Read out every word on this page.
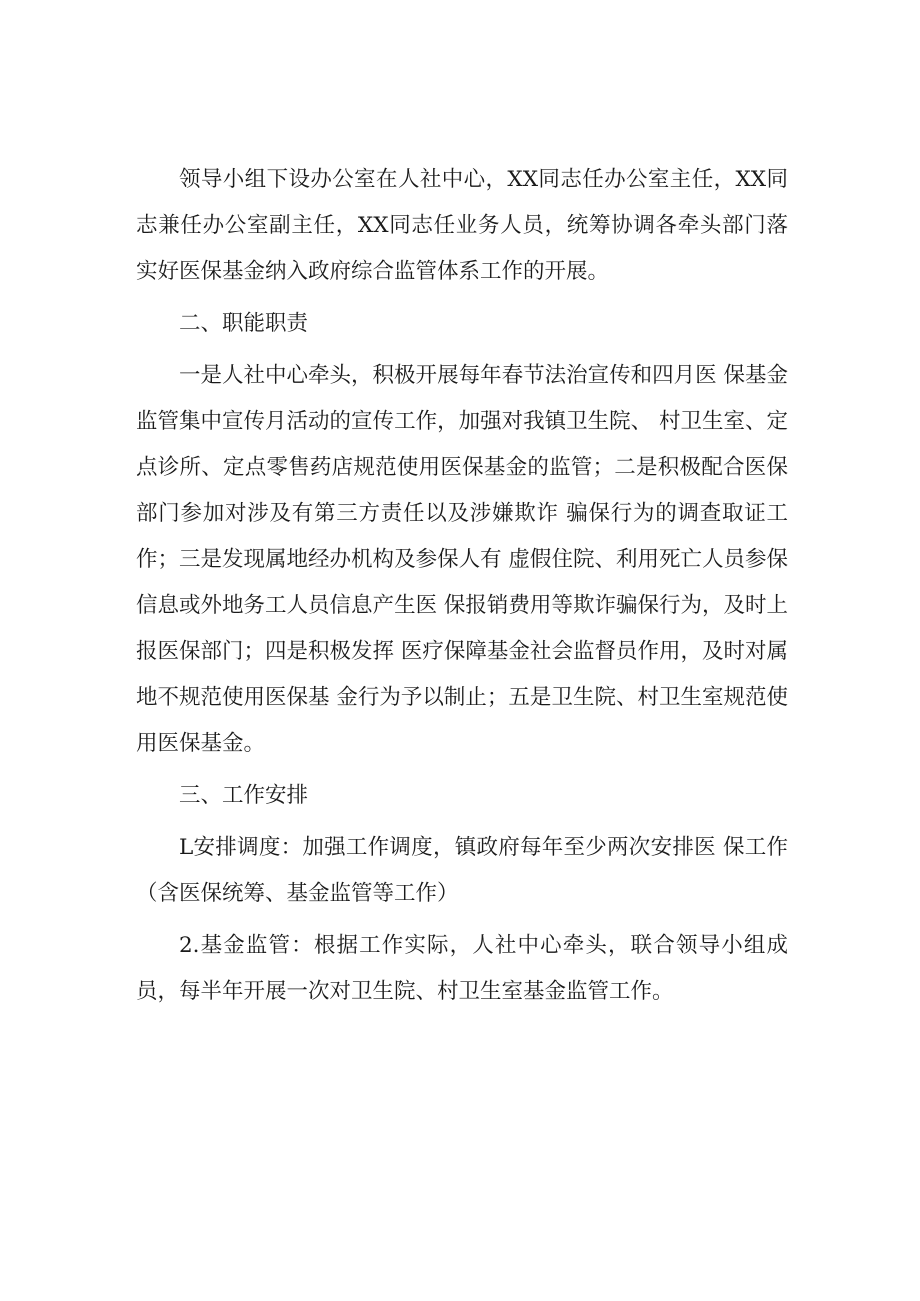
领导小组下设办公室在人社中心，XX同志任办公室主任，XX同志兼任办公室副主任，XX同志任业务人员，统筹协调各牵头部门落实好医保基金纳入政府综合监管体系工作的开展。

二、职能职责

一是人社中心牵头，积极开展每年春节法治宣传和四月医 保基金监管集中宣传月活动的宣传工作，加强对我镇卫生院、 村卫生室、定点诊所、定点零售药店规范使用医保基金的监管；二是积极配合医保部门参加对涉及有第三方责任以及涉嫌欺诈 骗保行为的调查取证工作；三是发现属地经办机构及参保人有 虚假住院、利用死亡人员参保信息或外地务工人员信息产生医 保报销费用等欺诈骗保行为，及时上报医保部门；四是积极发挥 医疗保障基金社会监督员作用，及时对属地不规范使用医保基 金行为予以制止；五是卫生院、村卫生室规范使用医保基金。

三、工作安排

L安排调度：加强工作调度，镇政府每年至少两次安排医 保工作（含医保统筹、基金监管等工作）

2.基金监管：根据工作实际，人社中心牵头，联合领导小组成员，每半年开展一次对卫生院、村卫生室基金监管工作。
